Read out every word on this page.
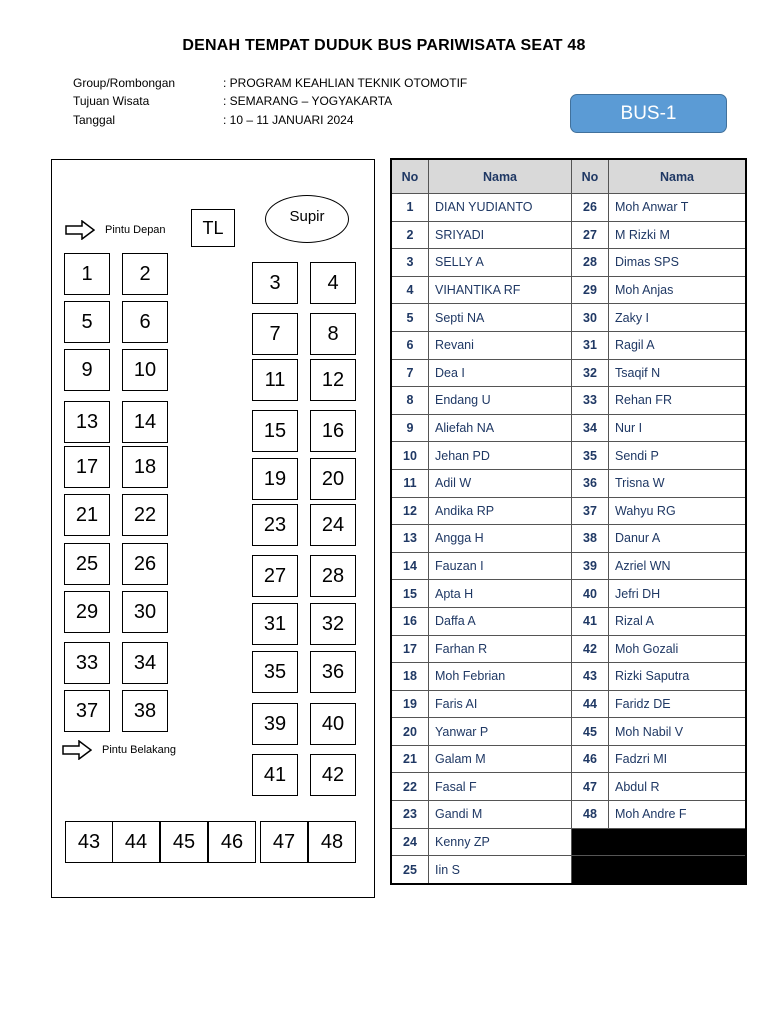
DENAH TEMPAT DUDUK BUS PARIWISATA SEAT 48
Group/Rombongan	: PROGRAM KEAHLIAN TEKNIK OTOMOTIF
Tujuan Wisata	: SEMARANG – YOGYAKARTA
Tanggal	: 10 – 11 JANUARI 2024	BUS-1
Pintu Depan	TL
Supir
Pintu Belakang
43	44	45	46	47	48
1	2
5	6
9	10
13	14
17	18
21	22
25	26
29	30
33	34
37	38
3	4
7	8
11	12
15	16
19	20
23	24
27	28
31	32
35	36
39	40
41	42
No	Nama	No	Nama
1	DIAN YUDIANTO	26	Moh Anwar T
2	SRIYADI	27	M Rizki M
3	SELLY A	28	Dimas SPS
4	VIHANTIKA RF	29	Moh Anjas
5	Septi NA	30	Zaky I
6	Revani	31	Ragil A
7	Dea I	32	Tsaqif N
8	Endang U	33	Rehan FR
9	Aliefah NA	34	Nur I
10	Jehan PD	35	Sendi P
11	Adil W	36	Trisna W
12	Andika RP	37	Wahyu RG
13	Angga H	38	Danur A
14	Fauzan I	39	Azriel WN
15	Apta H	40	Jefri DH
16	Daffa A	41	Rizal A
17	Farhan R	42	Moh Gozali
18	Moh Febrian	43	Rizki Saputra
19	Faris AI	44	Faridz DE
20	Yanwar P	45	Moh Nabil V
21	Galam M	46	Fadzri MI
22	Fasal F	47	Abdul R
23	Gandi M	48	Moh Andre F
24	Kenny ZP		
25	Iin S		
